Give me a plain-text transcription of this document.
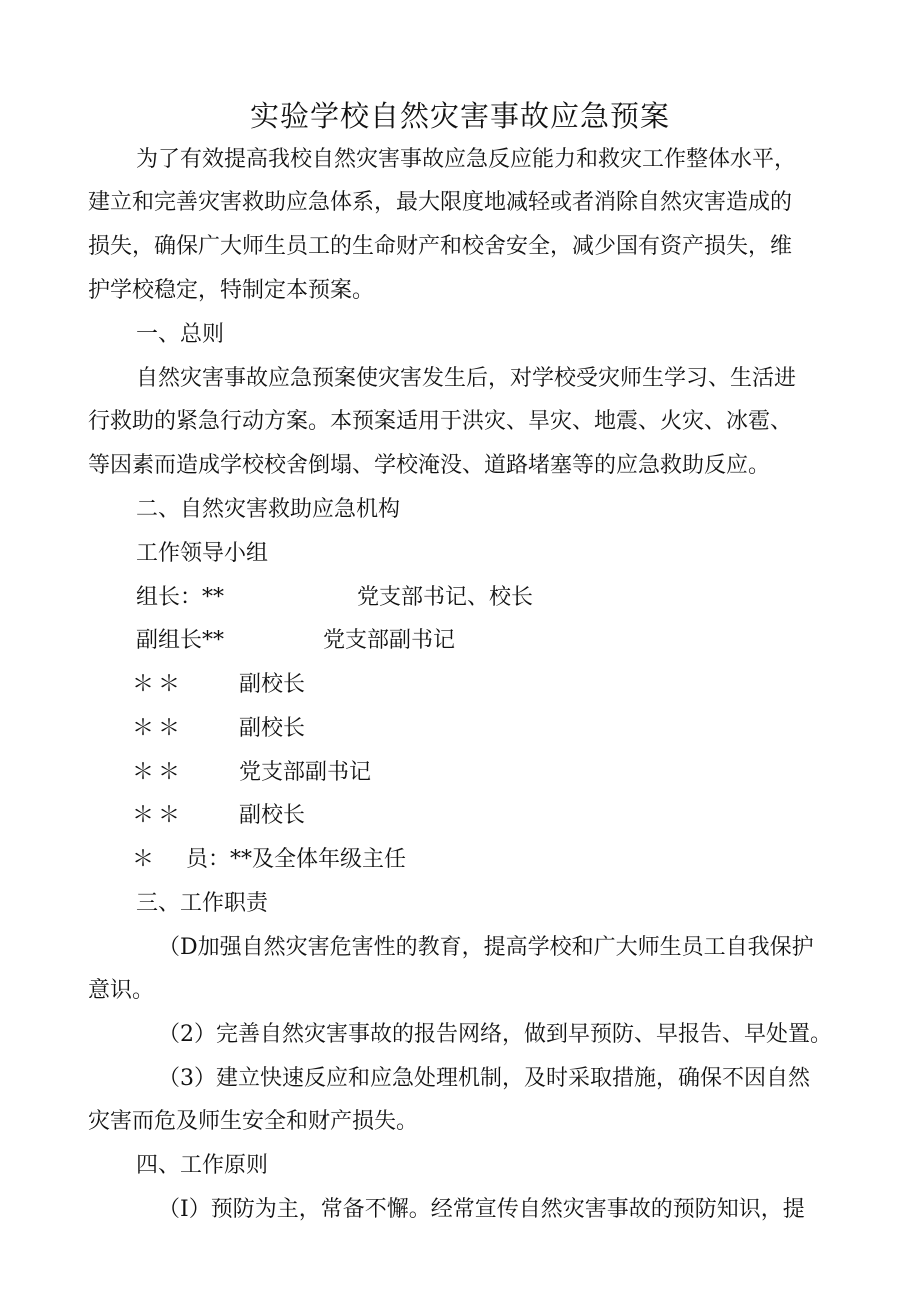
实验学校自然灾害事故应急预案
为了有效提高我校自然灾害事故应急反应能力和救灾工作整体水平，
建立和完善灾害救助应急体系，最大限度地减轻或者消除自然灾害造成的
损失，确保广大师生员工的生命财产和校舍安全，减少国有资产损失，维
护学校稳定，特制定本预案。
一、总则
自然灾害事故应急预案使灾害发生后，对学校受灾师生学习、生活进
行救助的紧急行动方案。本预案适用于洪灾、旱灾、地震、火灾、冰雹、
等因素而造成学校校舍倒塌、学校淹没、道路堵塞等的应急救助反应。
二、自然灾害救助应急机构
工作领导小组
组长：**	党支部书记、校长
副组长**	党支部副书记
＊＊ 副校长
＊＊ 副校长
＊＊ 党支部副书记
＊＊ 副校长
＊ 员：**及全体年级主任
三、工作职责
（D加强自然灾害危害性的教育，提高学校和广大师生员工自我保护
意识。
（2）完善自然灾害事故的报告网络，做到早预防、早报告、早处置。
（3）建立快速反应和应急处理机制，及时采取措施，确保不因自然
灾害而危及师生安全和财产损失。
四、工作原则
（I）预防为主，常备不懈。经常宣传自然灾害事故的预防知识，提
